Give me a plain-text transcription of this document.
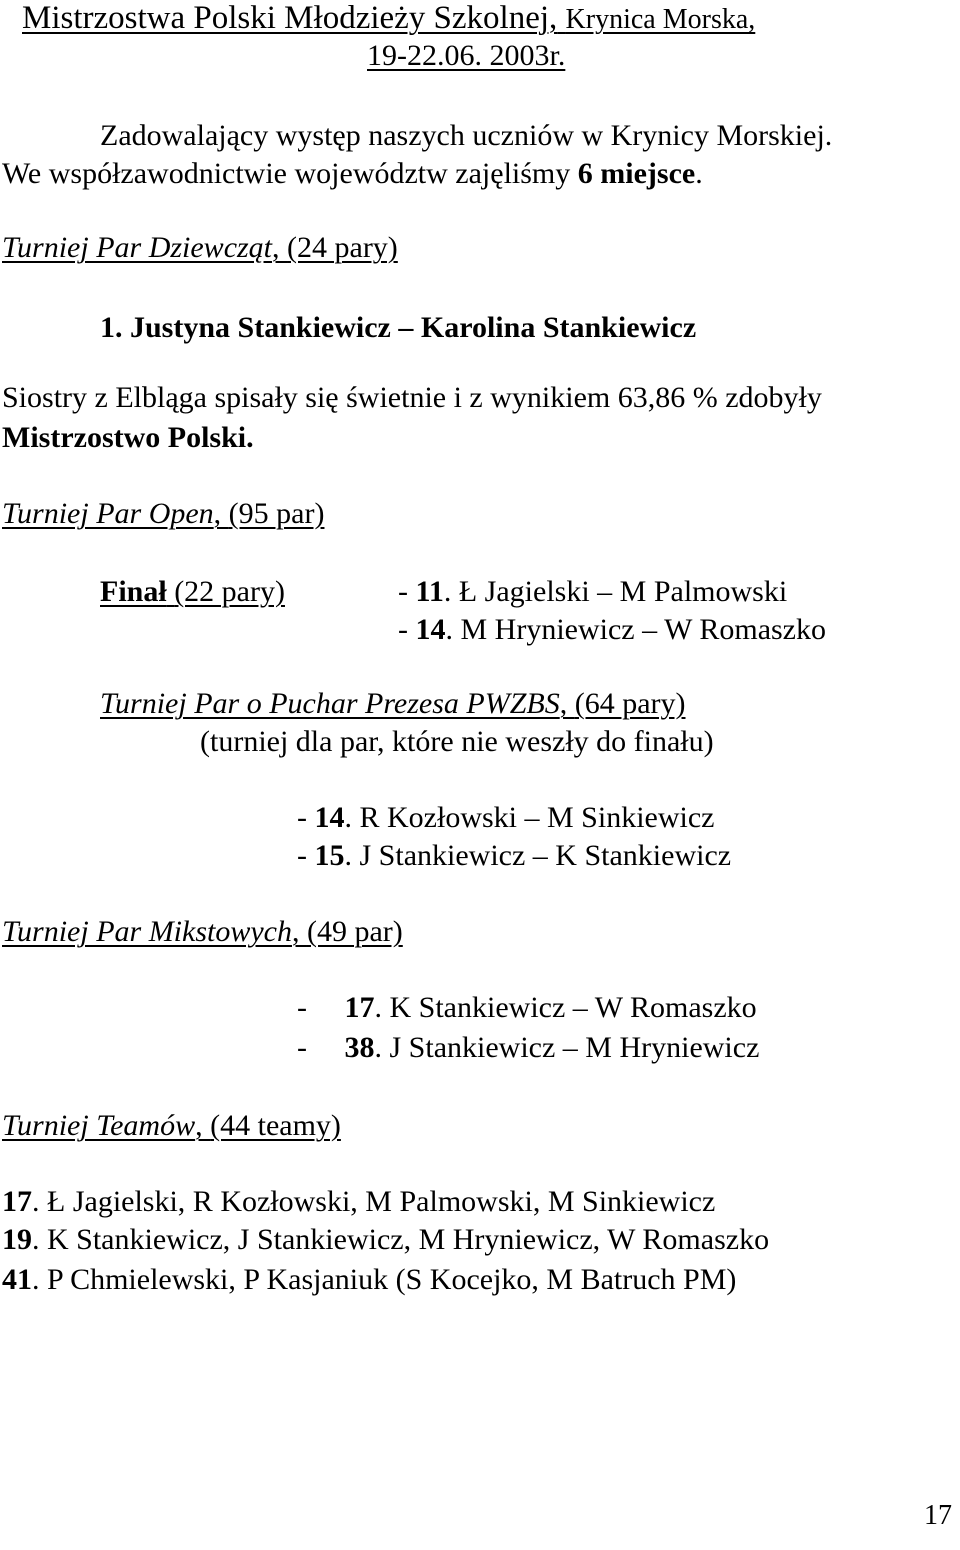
Mistrzostwa Polski Młodzieży Szkolnej, Krynica Morska,
19-22.06. 2003r.
Zadowalający występ naszych uczniów w Krynicy Morskiej.
We współzawodnictwie województw zajęliśmy 6 miejsce.
Turniej Par Dziewcząt, (24 pary)
1. Justyna Stankiewicz – Karolina Stankiewicz
Siostry z Elbląga spisały się świetnie i z wynikiem 63,86 % zdobyły
Mistrzostwo Polski.
Turniej Par Open, (95 par)
Finał (22 pary)	- 11. Ł Jagielski – M Palmowski
- 14. M Hryniewicz – W Romaszko
Turniej Par o Puchar Prezesa PWZBS, (64 pary)
(turniej dla par, które nie weszły do finału)
- 14. R Kozłowski – M Sinkiewicz
- 15. J Stankiewicz – K Stankiewicz
Turniej Par Mikstowych, (49 par)
- 17. K Stankiewicz – W Romaszko
- 38. J Stankiewicz – M Hryniewicz
Turniej Teamów, (44 teamy)
17. Ł Jagielski, R Kozłowski, M Palmowski, M Sinkiewicz
19. K Stankiewicz, J Stankiewicz, M Hryniewicz, W Romaszko
41. P Chmielewski, P Kasjaniuk (S Kocejko, M Batruch PM)
17
